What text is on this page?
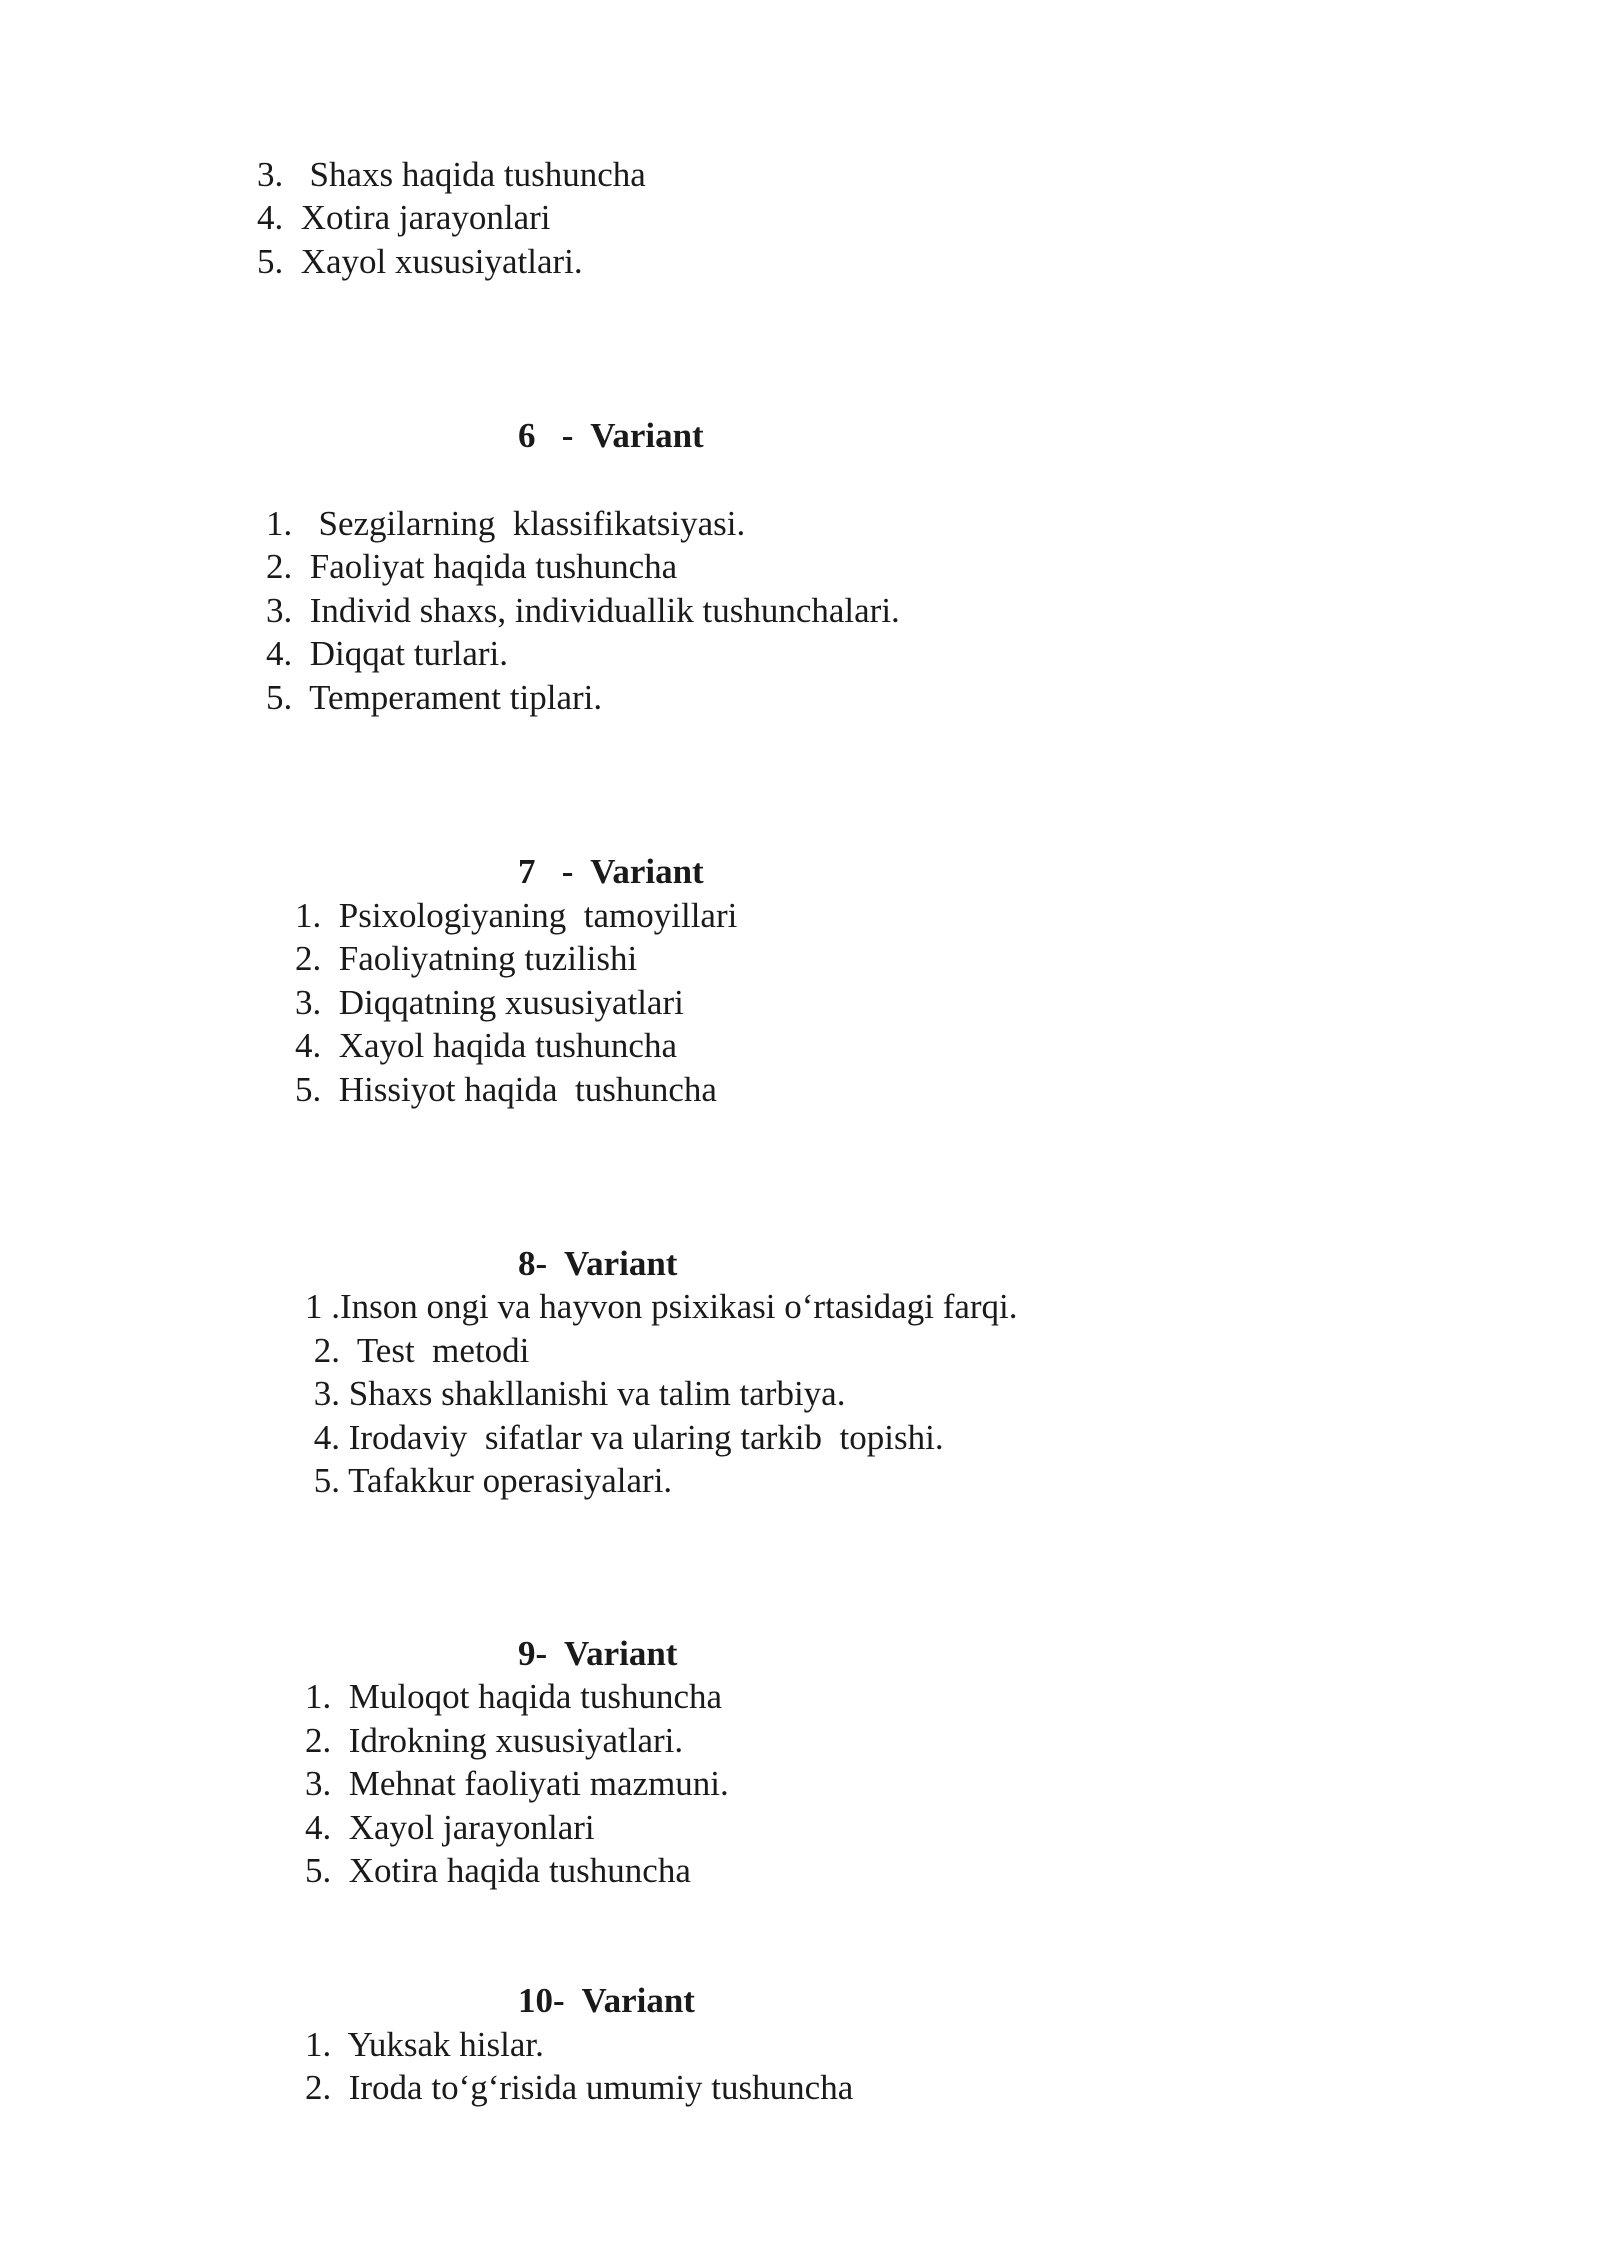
3.   Shaxs haqida tushuncha
4.  Xotira jarayonlari
5.  Xayol xususiyatlari.
6   -  Variant
1.   Sezgilarning  klassifikatsiyasi.
2.  Faoliyat haqida tushuncha
3.  Individ shaxs, individuallik tushunchalari.
4.  Diqqat turlari.
5.  Temperament tiplari.
7   -  Variant
1.  Psixologiyaning  tamoyillari
2.  Faoliyatning tuzilishi
3.  Diqqatning xususiyatlari
4.  Xayol haqida tushuncha
5.  Hissiyot haqida  tushuncha
8-  Variant
1 .Inson ongi va hayvon psixikasi o‘rtasidagi farqi.
2.  Test  metodi
3. Shaxs shakllanishi va talim tarbiya.
4. Irodaviy  sifatlar va ularing tarkib  topishi.
5. Tafakkur operasiyalari.
9-  Variant
1.  Muloqot haqida tushuncha
2.  Idrokning xususiyatlari.
3.  Mehnat faoliyati mazmuni.
4.  Xayol jarayonlari
5.  Xotira haqida tushuncha
10-  Variant
1.  Yuksak hislar.
2.  Iroda to‘g‘risida umumiy tushuncha
